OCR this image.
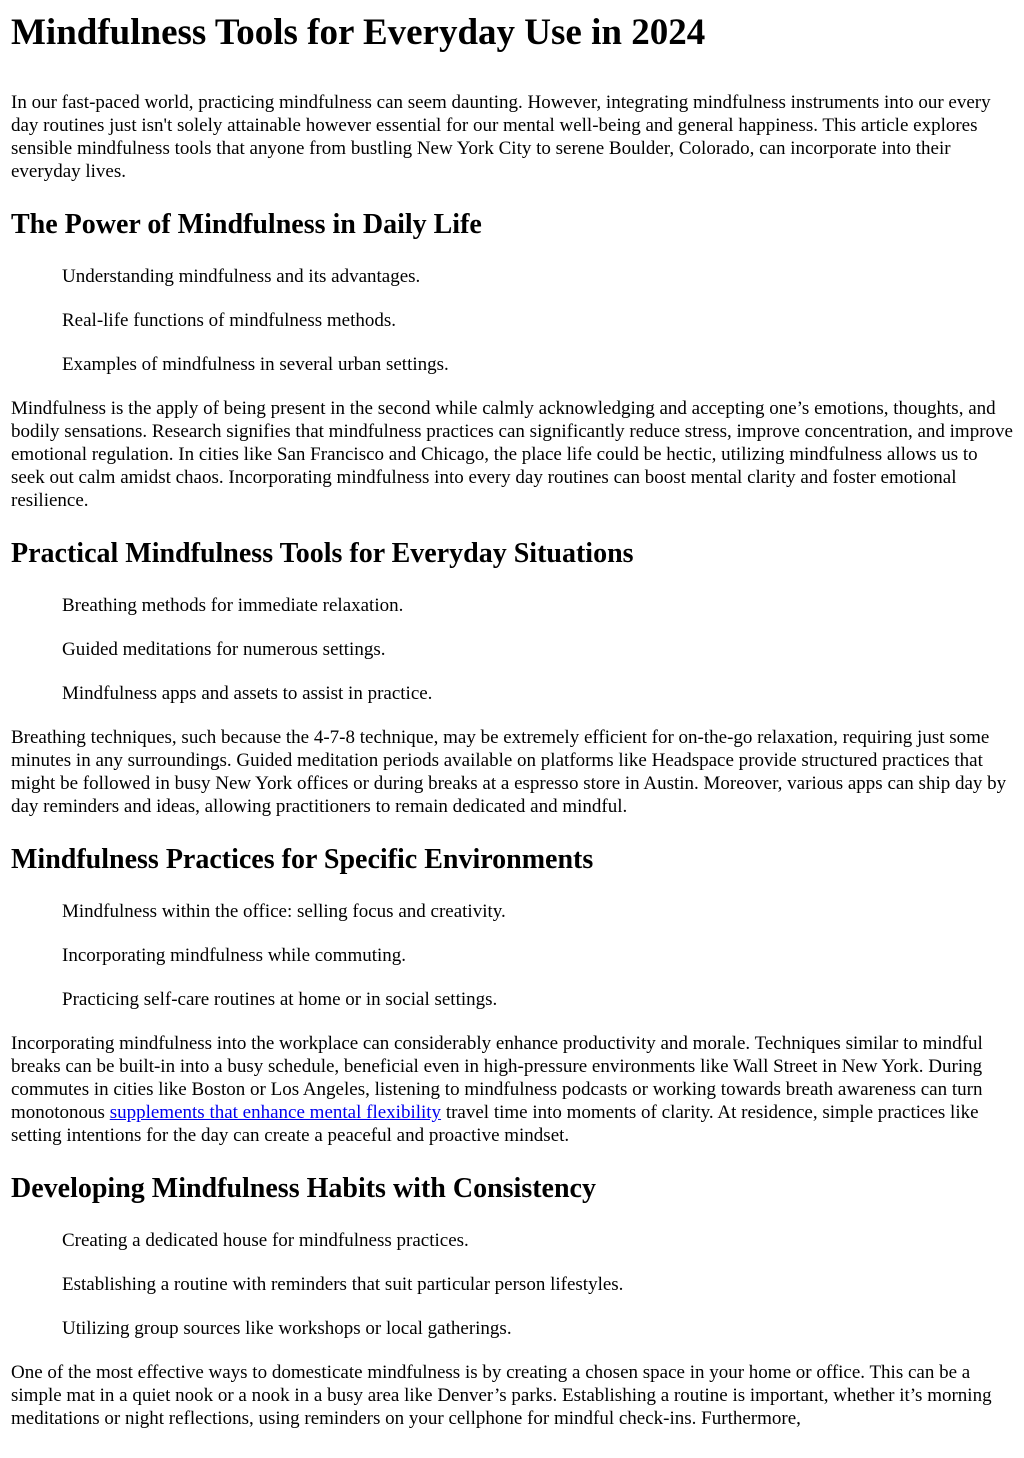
Mindfulness Tools for Everyday Use in 2024

In our fast-paced world, practicing mindfulness can seem daunting. However, integrating mindfulness instruments into our every day routines just isn't solely attainable however essential for our mental well-being and general happiness. This article explores sensible mindfulness tools that anyone from bustling New York City to serene Boulder, Colorado, can incorporate into their everyday lives.

The Power of Mindfulness in Daily Life

Understanding mindfulness and its advantages.

Real-life functions of mindfulness methods.

Examples of mindfulness in several urban settings.

Mindfulness is the apply of being present in the second while calmly acknowledging and accepting one’s emotions, thoughts, and bodily sensations. Research signifies that mindfulness practices can significantly reduce stress, improve concentration, and improve emotional regulation. In cities like San Francisco and Chicago, the place life could be hectic, utilizing mindfulness allows us to seek out calm amidst chaos. Incorporating mindfulness into every day routines can boost mental clarity and foster emotional resilience.

Practical Mindfulness Tools for Everyday Situations

Breathing methods for immediate relaxation.

Guided meditations for numerous settings.

Mindfulness apps and assets to assist in practice.

Breathing techniques, such because the 4-7-8 technique, may be extremely efficient for on-the-go relaxation, requiring just some minutes in any surroundings. Guided meditation periods available on platforms like Headspace provide structured practices that might be followed in busy New York offices or during breaks at a espresso store in Austin. Moreover, various apps can ship day by day reminders and ideas, allowing practitioners to remain dedicated and mindful.

Mindfulness Practices for Specific Environments

Mindfulness within the office: selling focus and creativity.

Incorporating mindfulness while commuting.

Practicing self-care routines at home or in social settings.

Incorporating mindfulness into the workplace can considerably enhance productivity and morale. Techniques similar to mindful breaks can be built-in into a busy schedule, beneficial even in high-pressure environments like Wall Street in New York. During commutes in cities like Boston or Los Angeles, listening to mindfulness podcasts or working towards breath awareness can turn monotonous supplements that enhance mental flexibility travel time into moments of clarity. At residence, simple practices like setting intentions for the day can create a peaceful and proactive mindset.

Developing Mindfulness Habits with Consistency

Creating a dedicated house for mindfulness practices.

Establishing a routine with reminders that suit particular person lifestyles.

Utilizing group sources like workshops or local gatherings.

One of the most effective ways to domesticate mindfulness is by creating a chosen space in your home or office. This can be a simple mat in a quiet nook or a nook in a busy area like Denver’s parks. Establishing a routine is important, whether it’s morning meditations or night reflections, using reminders on your cellphone for mindful check-ins. Furthermore,
